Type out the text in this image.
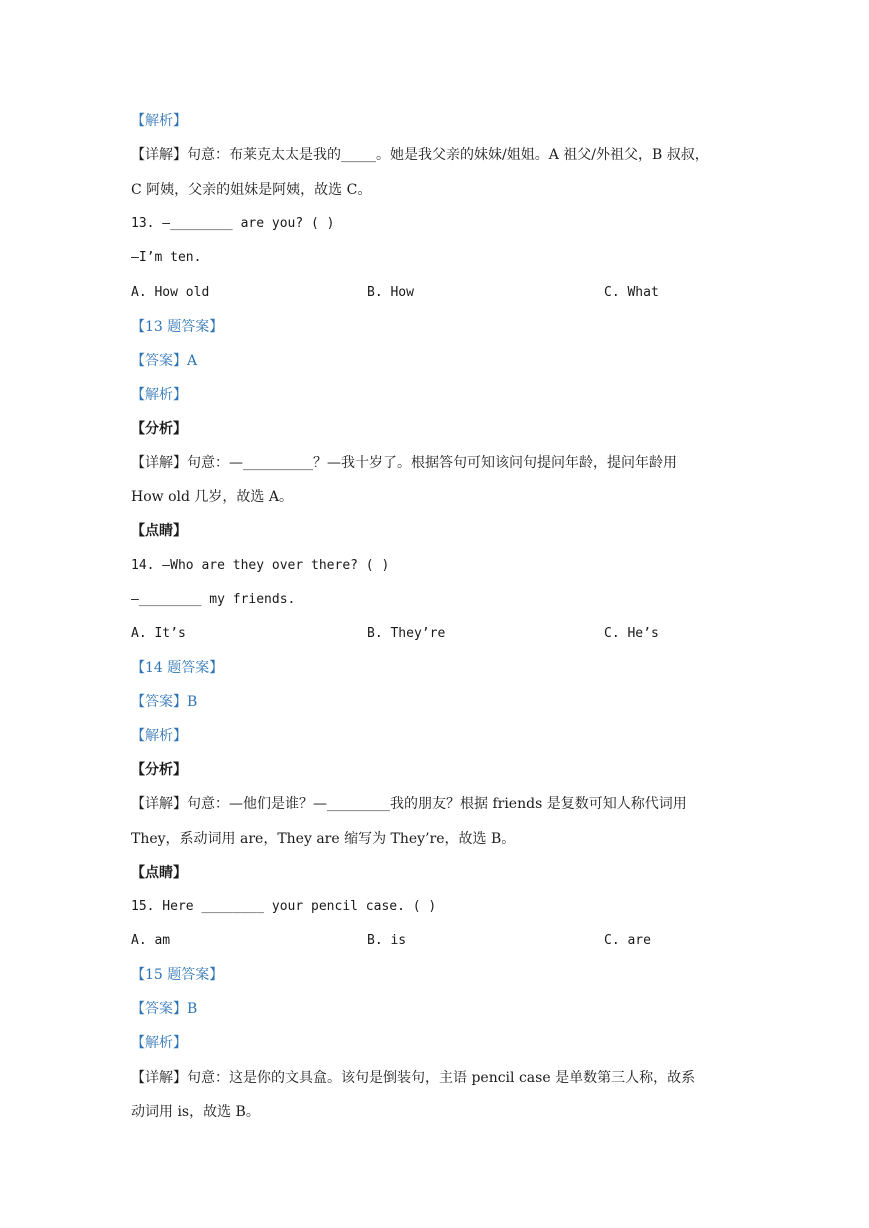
【解析】
【详解】句意：布莱克太太是我的_____。她是我父亲的妹妹/姐姐。A 祖父/外祖父，B 叔叔，
C 阿姨，父亲的姐妹是阿姨，故选 C。
13. —________ are you? ( )
—I’m ten.
A. How old	B. How	C. What
【13 题答案】
【答案】A
【解析】
【分析】
【详解】句意：—__________？—我十岁了。根据答句可知该问句提问年龄，提问年龄用
How old 几岁，故选 A。
【点睛】
14. —Who are they over there? ( )
—________ my friends.
A. It’s	B. They’re	C. He’s
【14 题答案】
【答案】B
【解析】
【分析】
【详解】句意：—他们是谁？—_________我的朋友？根据 friends 是复数可知人称代词用
They，系动词用 are，They are 缩写为 They’re，故选 B。
【点睛】
15. Here ________ your pencil case. ( )
A. am	B. is	C. are
【15 题答案】
【答案】B
【解析】
【详解】句意：这是你的文具盒。该句是倒装句，主语 pencil case 是单数第三人称，故系
动词用 is，故选 B。
